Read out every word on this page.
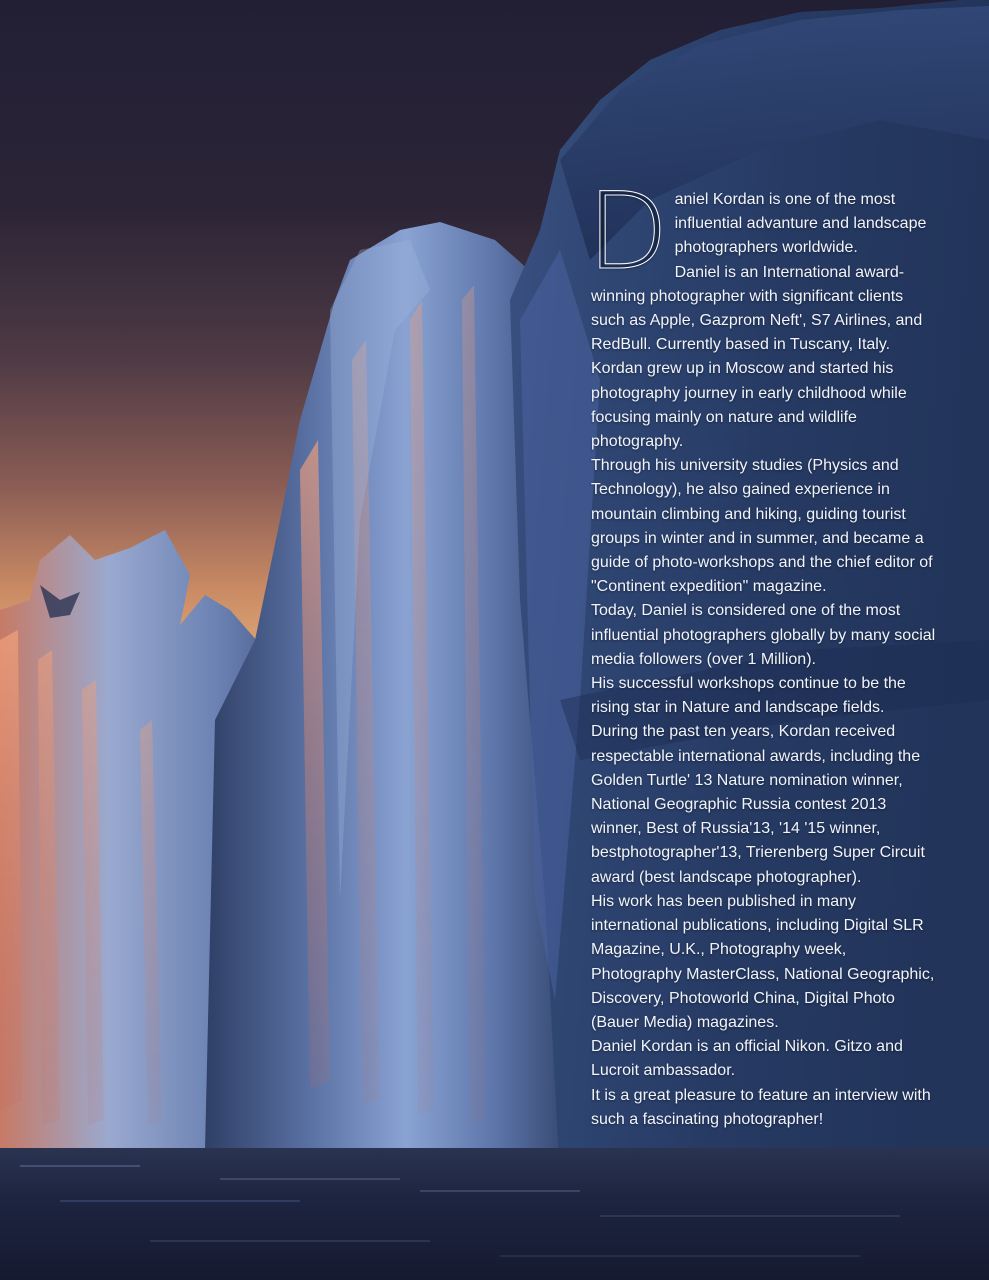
D aniel Kordan is one of the most influential advanture and landscape photographers worldwide.

Daniel is an International award-winning photographer with significant clients such as Apple, Gazprom Neft', S7 Airlines, and RedBull. Currently based in Tuscany, Italy.

Kordan grew up in Moscow and started his photography journey in early childhood while focusing mainly on nature and wildlife photography.

Through his university studies (Physics and Technology), he also gained experience in mountain climbing and hiking, guiding tourist groups in winter and in summer, and became a guide of photo-workshops and the chief editor of "Continent expedition" magazine.

Today, Daniel is considered one of the most influential photographers globally by many social media followers (over 1 Million).

His successful workshops continue to be the rising star in Nature and landscape fields.

During the past ten years, Kordan received respectable international awards, including the Golden Turtle' 13 Nature nomination winner, National Geographic Russia contest 2013 winner, Best of Russia'13, '14 '15 winner, bestphotographer'13, Trierenberg Super Circuit award (best landscape photographer).

His work has been published in many international publications, including Digital SLR Magazine, U.K., Photography week, Photography MasterClass, National Geographic, Discovery, Photoworld China, Digital Photo (Bauer Media) magazines.

Daniel Kordan is an official Nikon. Gitzo and Lucroit ambassador.

It is a great pleasure to feature an interview with such a fascinating photographer!
